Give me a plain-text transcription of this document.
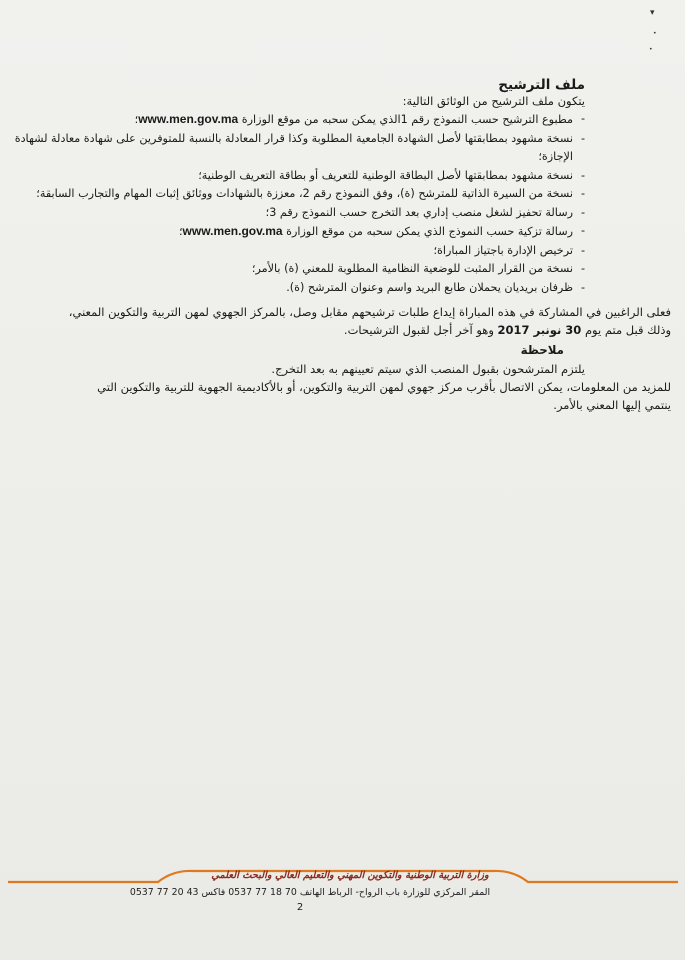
▾
•
•
ملف الترشيح
يتكون ملف الترشيح من الوثائق التالية:
- مطبوع الترشيح حسب النموذج رقم 1الذي يمكن سحبه من موقع الوزارة www.men.gov.ma؛
- نسخة مشهود بمطابقتها لأصل الشهادة الجامعية المطلوبة وكذا قرار المعادلة بالنسبة للمتوفرين على شهادة معادلة لشهادة
الإجازة؛
- نسخة مشهود بمطابقتها لأصل البطاقة الوطنية للتعريف أو بطاقة التعريف الوطنية؛
- نسخة من السيرة الذاتية للمترشح (ة)، وفق النموذج رقم 2، معززة بالشهادات ووثائق إثبات المهام والتجارب السابقة؛
- رسالة تحفيز لشغل منصب إداري بعد التخرج حسب النموذج رقم 3؛
- رسالة تزكية حسب النموذج الذي يمكن سحبه من موقع الوزارة www.men.gov.ma؛
- ترخيص الإدارة باجتياز المباراة؛
- نسخة من القرار المثبت للوضعية النظامية المطلوبة للمعني (ة) بالأمر؛
- ظرفان بريديان يحملان طابع البريد واسم وعنوان المترشح (ة).
فعلى الراغبين في المشاركة في هذه المباراة إيداع طلبات ترشيحهم مقابل وصل، بالمركز الجهوي لمهن التربية والتكوين المعني،
وذلك قبل متم يوم 30 نونبر 2017 وهو آخر أجل لقبول الترشيحات.
ملاحظة
يلتزم المترشحون بقبول المنصب الذي سيتم تعيينهم به بعد التخرج.
للمزيد من المعلومات، يمكن الاتصال بأقرب مركز جهوي لمهن التربية والتكوين، أو بالأكاديمية الجهوية للتربية والتكوين التي
ينتمي إليها المعني بالأمر.
وزارة التربية الوطنية والتكوين المهني والتعليم العالي والبحث العلمي
المقر المركزي للوزارة باب الرواح- الرباط الهاتف 70 18 77 0537 فاكس 43 20 77 0537
2
